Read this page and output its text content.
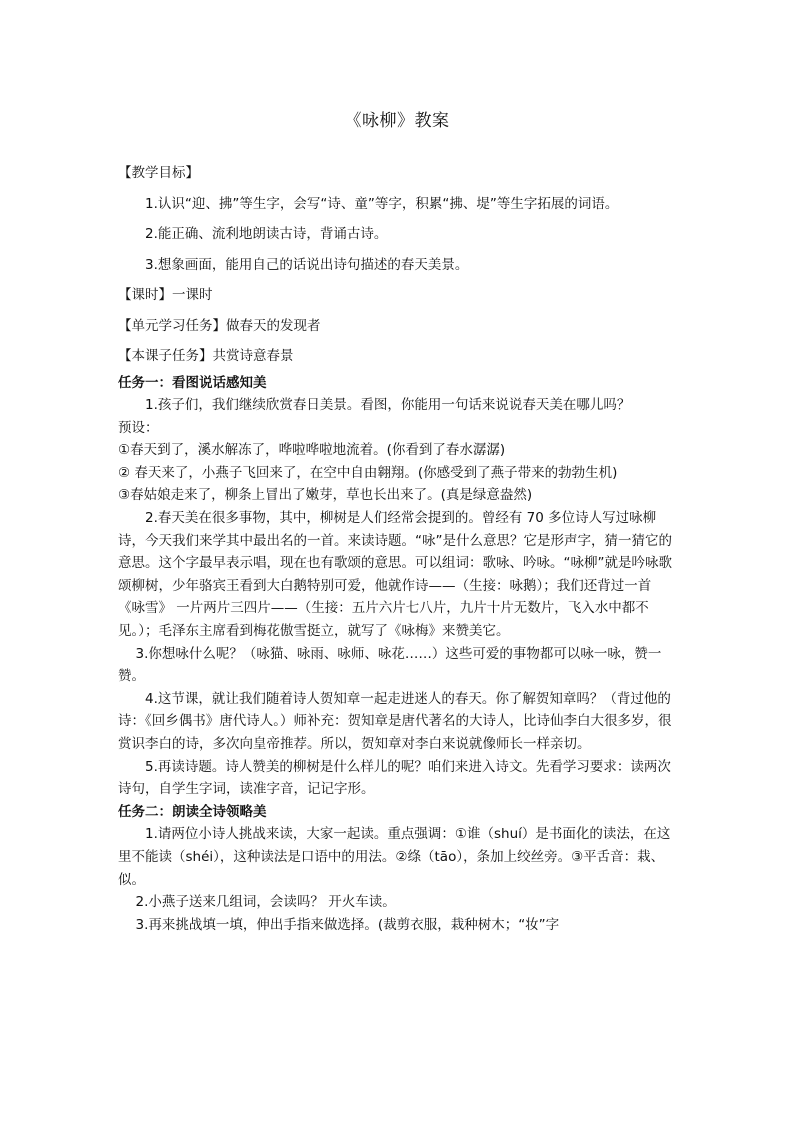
《咏柳》教案

【教学目标】

1.认识“迎、拂”等生字，会写“诗、童”等字，积累“拂、堤”等生字拓展的词语。

2.能正确、流利地朗读古诗，背诵古诗。

3.想象画面，能用自己的话说出诗句描述的春天美景。

【课时】一课时

【单元学习任务】做春天的发现者

【本课子任务】共赏诗意春景

任务一：看图说话感知美

1.孩子们，我们继续欣赏春日美景。看图，你能用一句话来说说春天美在哪儿吗？

预设：

①春天到了，溪水解冻了，哗啦哗啦地流着。(你看到了春水潺潺)

② 春天来了，小燕子飞回来了，在空中自由翱翔。(你感受到了燕子带来的勃勃生机)

③春姑娘走来了，柳条上冒出了嫩芽，草也长出来了。(真是绿意盎然)

2.春天美在很多事物，其中，柳树是人们经常会提到的。曾经有 70 多位诗人写过咏柳诗，今天我们来学其中最出名的一首。来读诗题。“咏”是什么意思？它是形声字，猜一猜它的意思。这个字最早表示唱，现在也有歌颂的意思。可以组词：歌咏、吟咏。“咏柳”就是吟咏歌颂柳树，少年骆宾王看到大白鹅特别可爱，他就作诗——（生接：咏鹅）；我们还背过一首《咏雪》 一片两片三四片——（生接：五片六片七八片，九片十片无数片，飞入水中都不见。）；毛泽东主席看到梅花傲雪挺立，就写了《咏梅》来赞美它。

3.你想咏什么呢？（咏猫、咏雨、咏师、咏花……）这些可爱的事物都可以咏一咏，赞一赞。

4.这节课，就让我们随着诗人贺知章一起走进迷人的春天。你了解贺知章吗？（背过他的诗：《回乡偶书》唐代诗人。）师补充：贺知章是唐代著名的大诗人，比诗仙李白大很多岁，很赏识李白的诗，多次向皇帝推荐。所以，贺知章对李白来说就像师长一样亲切。

5.再读诗题。诗人赞美的柳树是什么样儿的呢？咱们来进入诗文。先看学习要求：读两次诗句，自学生字词，读准字音，记记字形。

任务二：朗读全诗领略美

1.请两位小诗人挑战来读，大家一起读。重点强调：①谁（shuí）是书面化的读法，在这里不能读（shéi），这种读法是口语中的用法。②绦（tāo），条加上绞丝旁。③平舌音：栽、似。

2.小燕子送来几组词，会读吗？ 开火车读。

3.再来挑战填一填，伸出手指来做选择。(裁剪衣服，栽种树木；“妆”字
